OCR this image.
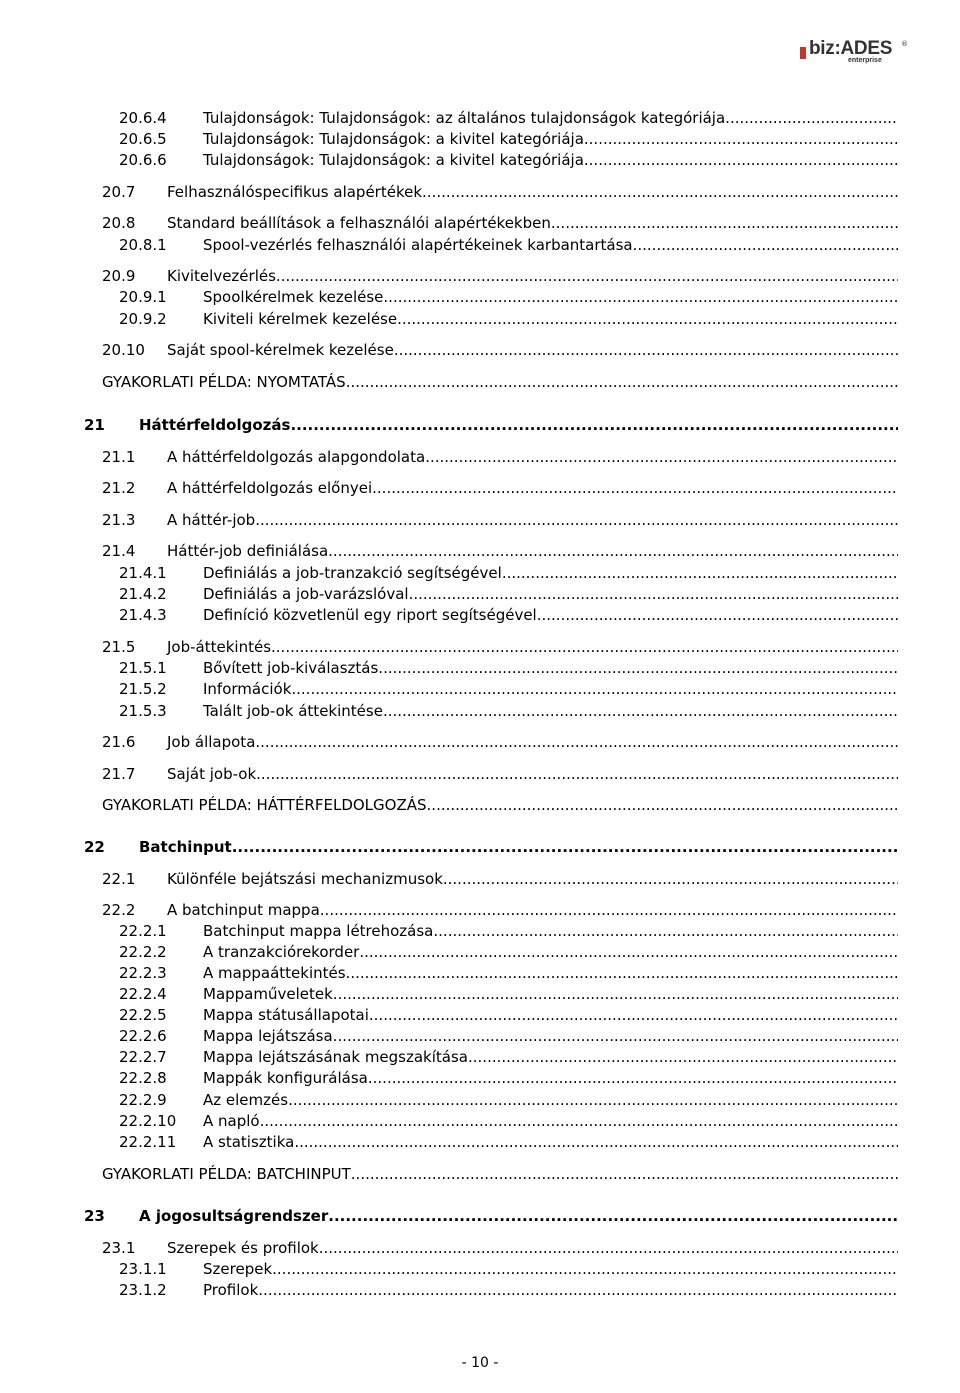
biz:ADES ®
enterprise
20.6.4	Tulajdonságok: Tulajdonságok: az általános tulajdonságok kategóriája
.....
20.6.5	Tulajdonságok: Tulajdonságok: a kivitel kategóriája
.....
20.6.6	Tulajdonságok: Tulajdonságok: a kivitel kategóriája
.....
20.7	Felhasználóspecifikus alapértékek
.....
20.8	Standard beállítások a felhasználói alapértékekben
.....
20.8.1	Spool-vezérlés felhasználói alapértékeinek karbantartása
.....
20.9	Kivitelvezérlés
.....
20.9.1	Spoolkérelmek kezelése
.....
20.9.2	Kiviteli kérelmek kezelése
.....
20.10	Saját spool-kérelmek kezelése
.....
GYAKORLATI PÉLDA: NYOMTATÁS
.....
21	Háttérfeldolgozás
.....
21.1	A háttérfeldolgozás alapgondolata
.....
21.2	A háttérfeldolgozás előnyei
.....
21.3	A háttér-job
.....
21.4	Háttér-job definiálása
.....
21.4.1	Definiálás a job-tranzakció segítségével
.....
21.4.2	Definiálás a job-varázslóval
.....
21.4.3	Definíció közvetlenül egy riport segítségével
.....
21.5	Job-áttekintés
.....
21.5.1	Bővített job-kiválasztás
.....
21.5.2	Információk
.....
21.5.3	Talált job-ok áttekintése
.....
21.6	Job állapota
.....
21.7	Saját job-ok
.....
GYAKORLATI PÉLDA: HÁTTÉRFELDOLGOZÁS
.....
22	Batchinput
.....
22.1	Különféle bejátszási mechanizmusok
.....
22.2	A batchinput mappa
.....
22.2.1	Batchinput mappa létrehozása
.....
22.2.2	A tranzakciórekorder
.....
22.2.3	A mappaáttekintés
.....
22.2.4	Mappaműveletek
.....
22.2.5	Mappa státusállapotai
.....
22.2.6	Mappa lejátszása
.....
22.2.7	Mappa lejátszásának megszakítása
.....
22.2.8	Mappák konfigurálása
.....
22.2.9	Az elemzés
.....
22.2.10	A napló
.....
22.2.11	A statisztika
.....
GYAKORLATI PÉLDA: BATCHINPUT
.....
23	A jogosultságrendszer
.....
23.1	Szerepek és profilok
.....
23.1.1	Szerepek
.....
23.1.2	Profilok
.....
- 10 -
